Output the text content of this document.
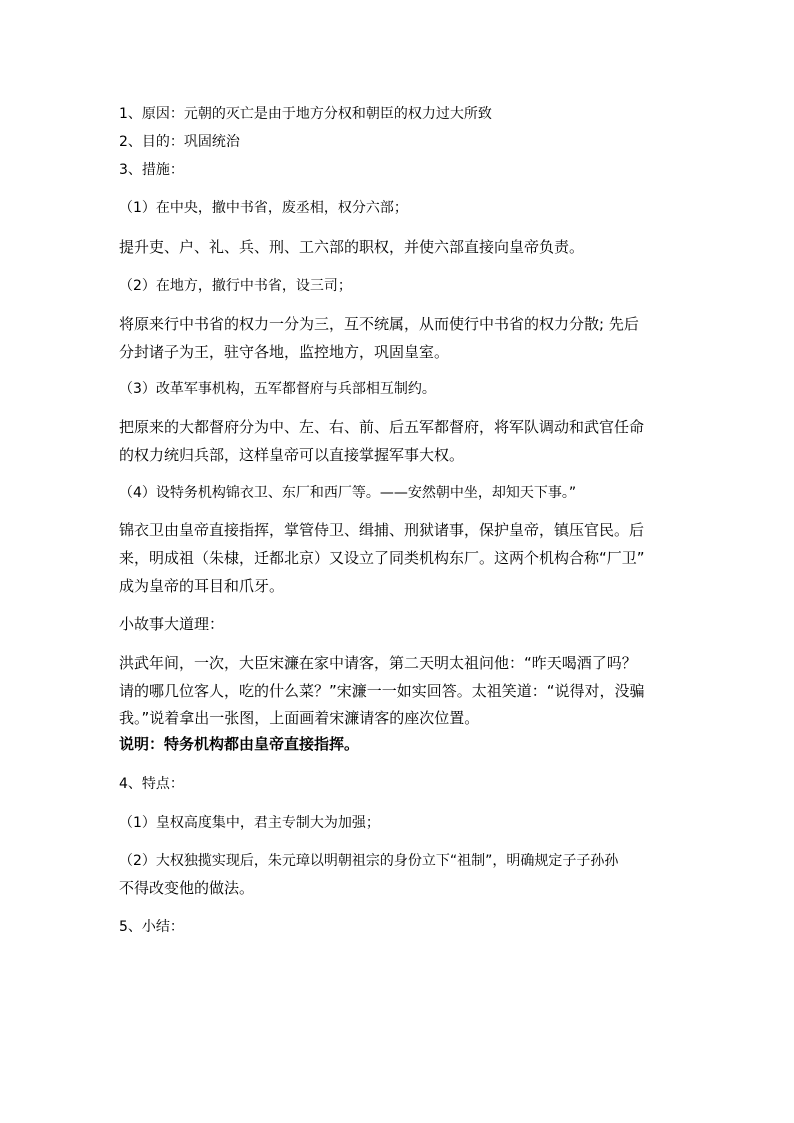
1、原因：元朝的灭亡是由于地方分权和朝臣的权力过大所致
2、目的：巩固统治
3、措施：
（1）在中央，撤中书省，废丞相，权分六部；
提升吏、户、礼、兵、刑、工六部的职权，并使六部直接向皇帝负责。
（2）在地方，撤行中书省，设三司；
将原来行中书省的权力一分为三，互不统属，从而使行中书省的权力分散; 先后
分封诸子为王，驻守各地，监控地方，巩固皇室。
（3）改革军事机构，五军都督府与兵部相互制约。
把原来的大都督府分为中、左、右、前、后五军都督府，将军队调动和武官任命
的权力统归兵部，这样皇帝可以直接掌握军事大权。
（4）设特务机构锦衣卫、东厂和西厂等。——安然朝中坐，却知天下事。”
锦衣卫由皇帝直接指挥，掌管侍卫、缉捕、刑狱诸事，保护皇帝，镇压官民。后
来，明成祖（朱棣，迁都北京）又设立了同类机构东厂。这两个机构合称“厂卫”
成为皇帝的耳目和爪牙。
小故事大道理：
洪武年间，一次，大臣宋濂在家中请客，第二天明太祖问他：“昨天喝酒了吗？
请的哪几位客人，吃的什么菜？”宋濂一一如实回答。太祖笑道：“说得对，没骗
我。”说着拿出一张图，上面画着宋濂请客的座次位置。
说明：特务机构都由皇帝直接指挥。
4、特点：
（1）皇权高度集中，君主专制大为加强；
（2）大权独揽实现后，朱元璋以明朝祖宗的身份立下“祖制”，明确规定子子孙孙
不得改变他的做法。
5、小结：
